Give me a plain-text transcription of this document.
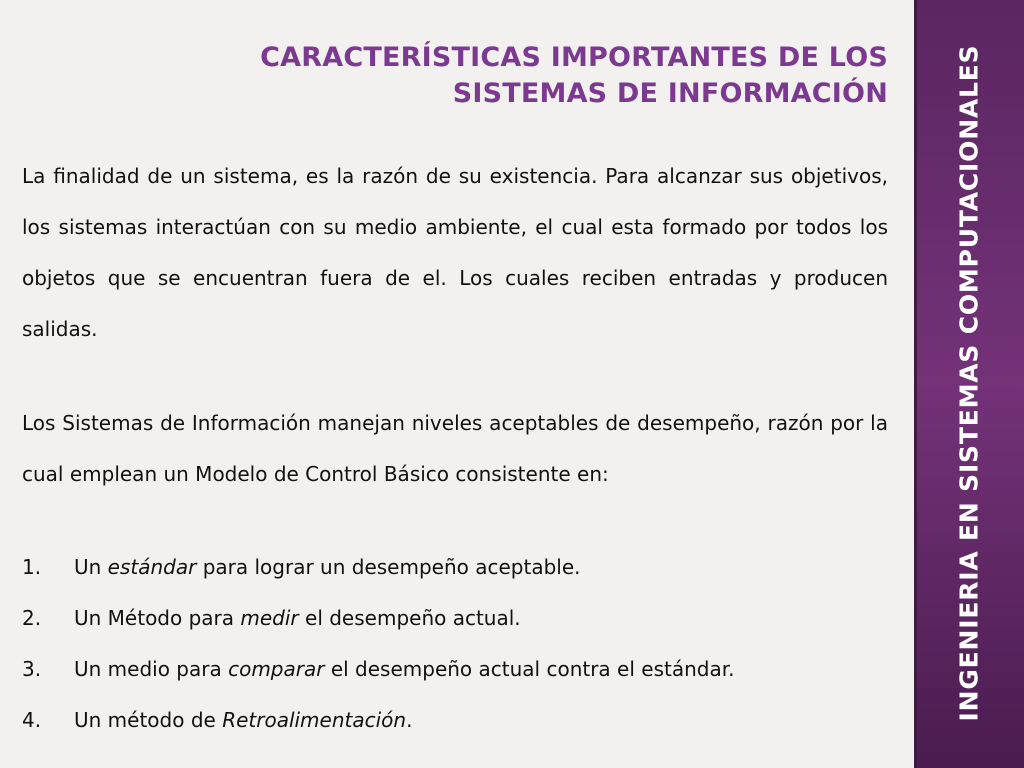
CARACTERÍSTICAS IMPORTANTES DE LOS
SISTEMAS DE INFORMACIÓN

La finalidad de un sistema, es la razón de su existencia. Para alcanzar sus objetivos, los sistemas interactúan con su medio ambiente, el cual esta formado por todos los objetos que se encuentran fuera de el. Los cuales reciben entradas y producen salidas.

Los Sistemas de Información manejan niveles aceptables de desempeño, razón por la cual emplean un Modelo de Control Básico consistente en:

1.	Un estándar para lograr un desempeño aceptable.
2.	Un Método para medir el desempeño actual.
3.	Un medio para comparar el desempeño actual contra el estándar.
4.	Un método de Retroalimentación.	INGENIERIA EN SISTEMAS COMPUTACIONALES
